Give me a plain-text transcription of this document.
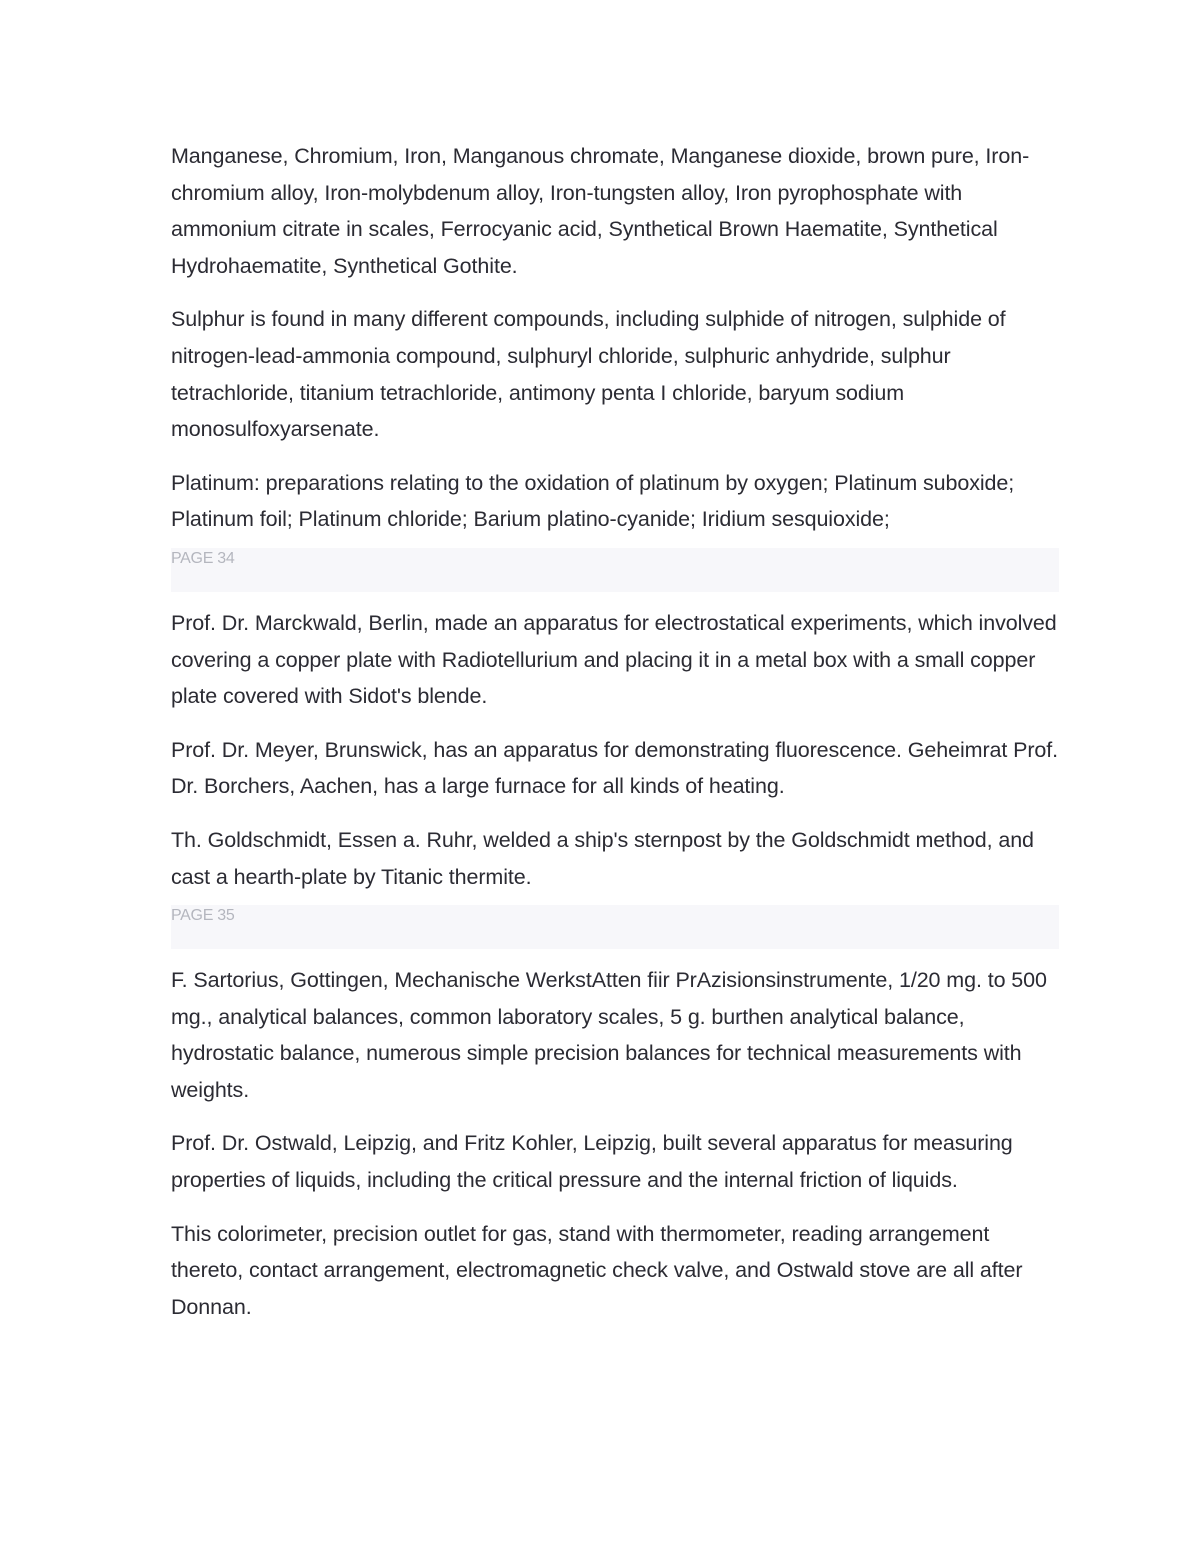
Manganese, Chromium, Iron, Manganous chromate, Manganese dioxide, brown pure, Iron-chromium alloy, Iron-molybdenum alloy, Iron-tungsten alloy, Iron pyrophosphate with ammonium citrate in scales, Ferrocyanic acid, Synthetical Brown Haematite, Synthetical Hydrohaematite, Synthetical Gothite.

Sulphur is found in many different compounds, including sulphide of nitrogen, sulphide of nitrogen-lead-ammonia compound, sulphuryl chloride, sulphuric anhydride, sulphur tetrachloride, titanium tetrachloride, antimony penta I chloride, baryum sodium monosulfoxyarsenate.

Platinum: preparations relating to the oxidation of platinum by oxygen; Platinum suboxide; Platinum foil; Platinum chloride; Barium platino-cyanide; Iridium sesquioxide;

PAGE 34

Prof. Dr. Marckwald, Berlin, made an apparatus for electrostatical experiments, which involved covering a copper plate with Radiotellurium and placing it in a metal box with a small copper plate covered with Sidot's blende.

Prof. Dr. Meyer, Brunswick, has an apparatus for demonstrating fluorescence. Geheimrat Prof. Dr. Borchers, Aachen, has a large furnace for all kinds of heating.

Th. Goldschmidt, Essen a. Ruhr, welded a ship's sternpost by the Goldschmidt method, and cast a hearth-plate by Titanic thermite.

PAGE 35

F. Sartorius, Gottingen, Mechanische WerkstAtten fiir PrAzisionsinstrumente, 1/20 mg. to 500 mg., analytical balances, common laboratory scales, 5 g. burthen analytical balance, hydrostatic balance, numerous simple precision balances for technical measurements with weights.

Prof. Dr. Ostwald, Leipzig, and Fritz Kohler, Leipzig, built several apparatus for measuring properties of liquids, including the critical pressure and the internal friction of liquids.

This colorimeter, precision outlet for gas, stand with thermometer, reading arrangement thereto, contact arrangement, electromagnetic check valve, and Ostwald stove are all after Donnan.
